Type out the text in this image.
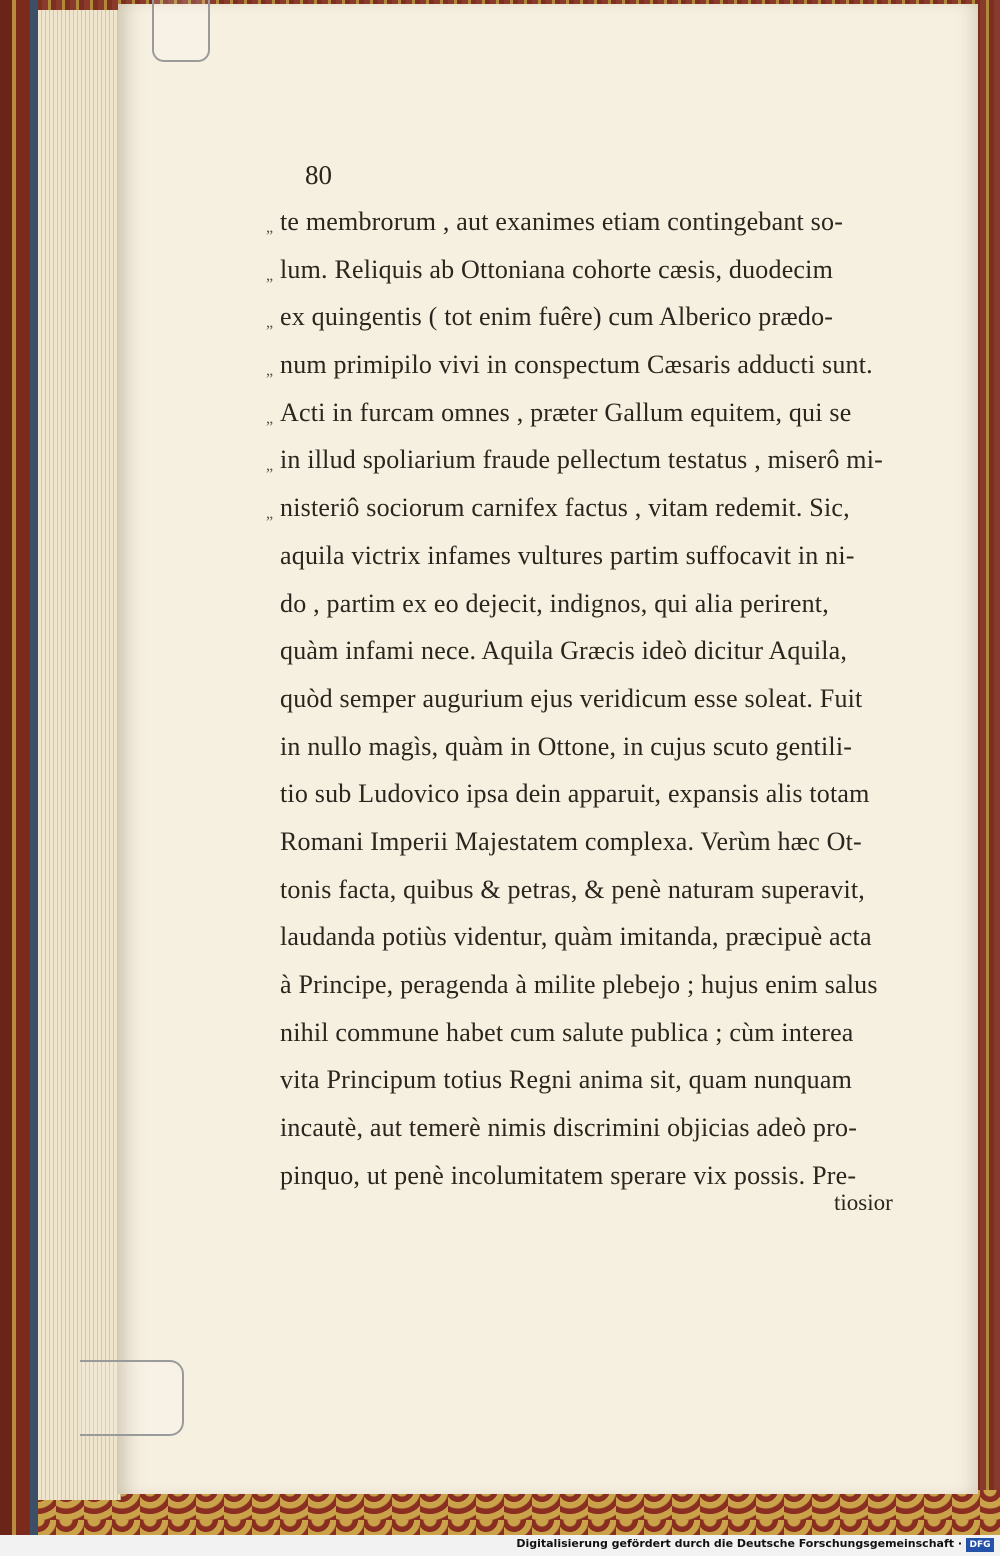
80
„ te membrorum , aut exanimes etiam contingebant so-
„ lum. Reliquis ab Ottoniana cohorte cæsis, duodecim
„ ex quingentis ( tot enim fuêre) cum Alberico prædo-
„ num primipilo vivi in conspectum Cæsaris adducti sunt.
„ Acti in furcam omnes , præter Gallum equitem, qui se
„ in illud spoliarium fraude pellectum testatus , miserô mi-
„ nisteriô sociorum carnifex factus , vitam redemit. Sic,
aquila victrix infames vultures partim suffocavit in ni-
do , partim ex eo dejecit, indignos, qui alia perirent,
quàm infami nece. Aquila Græcis ideò dicitur Aquila,
quòd semper augurium ejus veridicum esse soleat. Fuit
in nullo magìs, quàm in Ottone, in cujus scuto gentili-
tio sub Ludovico ipsa dein apparuit, expansis alis totam
Romani Imperii Majestatem complexa. Verùm hæc Ot-
tonis facta, quibus & petras, & penè naturam superavit,
laudanda potiùs videntur, quàm imitanda, præcipuè acta
à Principe, peragenda à milite plebejo ; hujus enim salus
nihil commune habet cum salute publica ; cùm interea
vita Principum totius Regni anima sit, quam nunquam
incautè, aut temerè nimis discrimini objicias adeò pro-
pinquo, ut penè incolumitatem sperare vix possis. Pre-
tiosior
Digitalisierung gefördert durch die Deutsche Forschungsgemeinschaft · DFG
